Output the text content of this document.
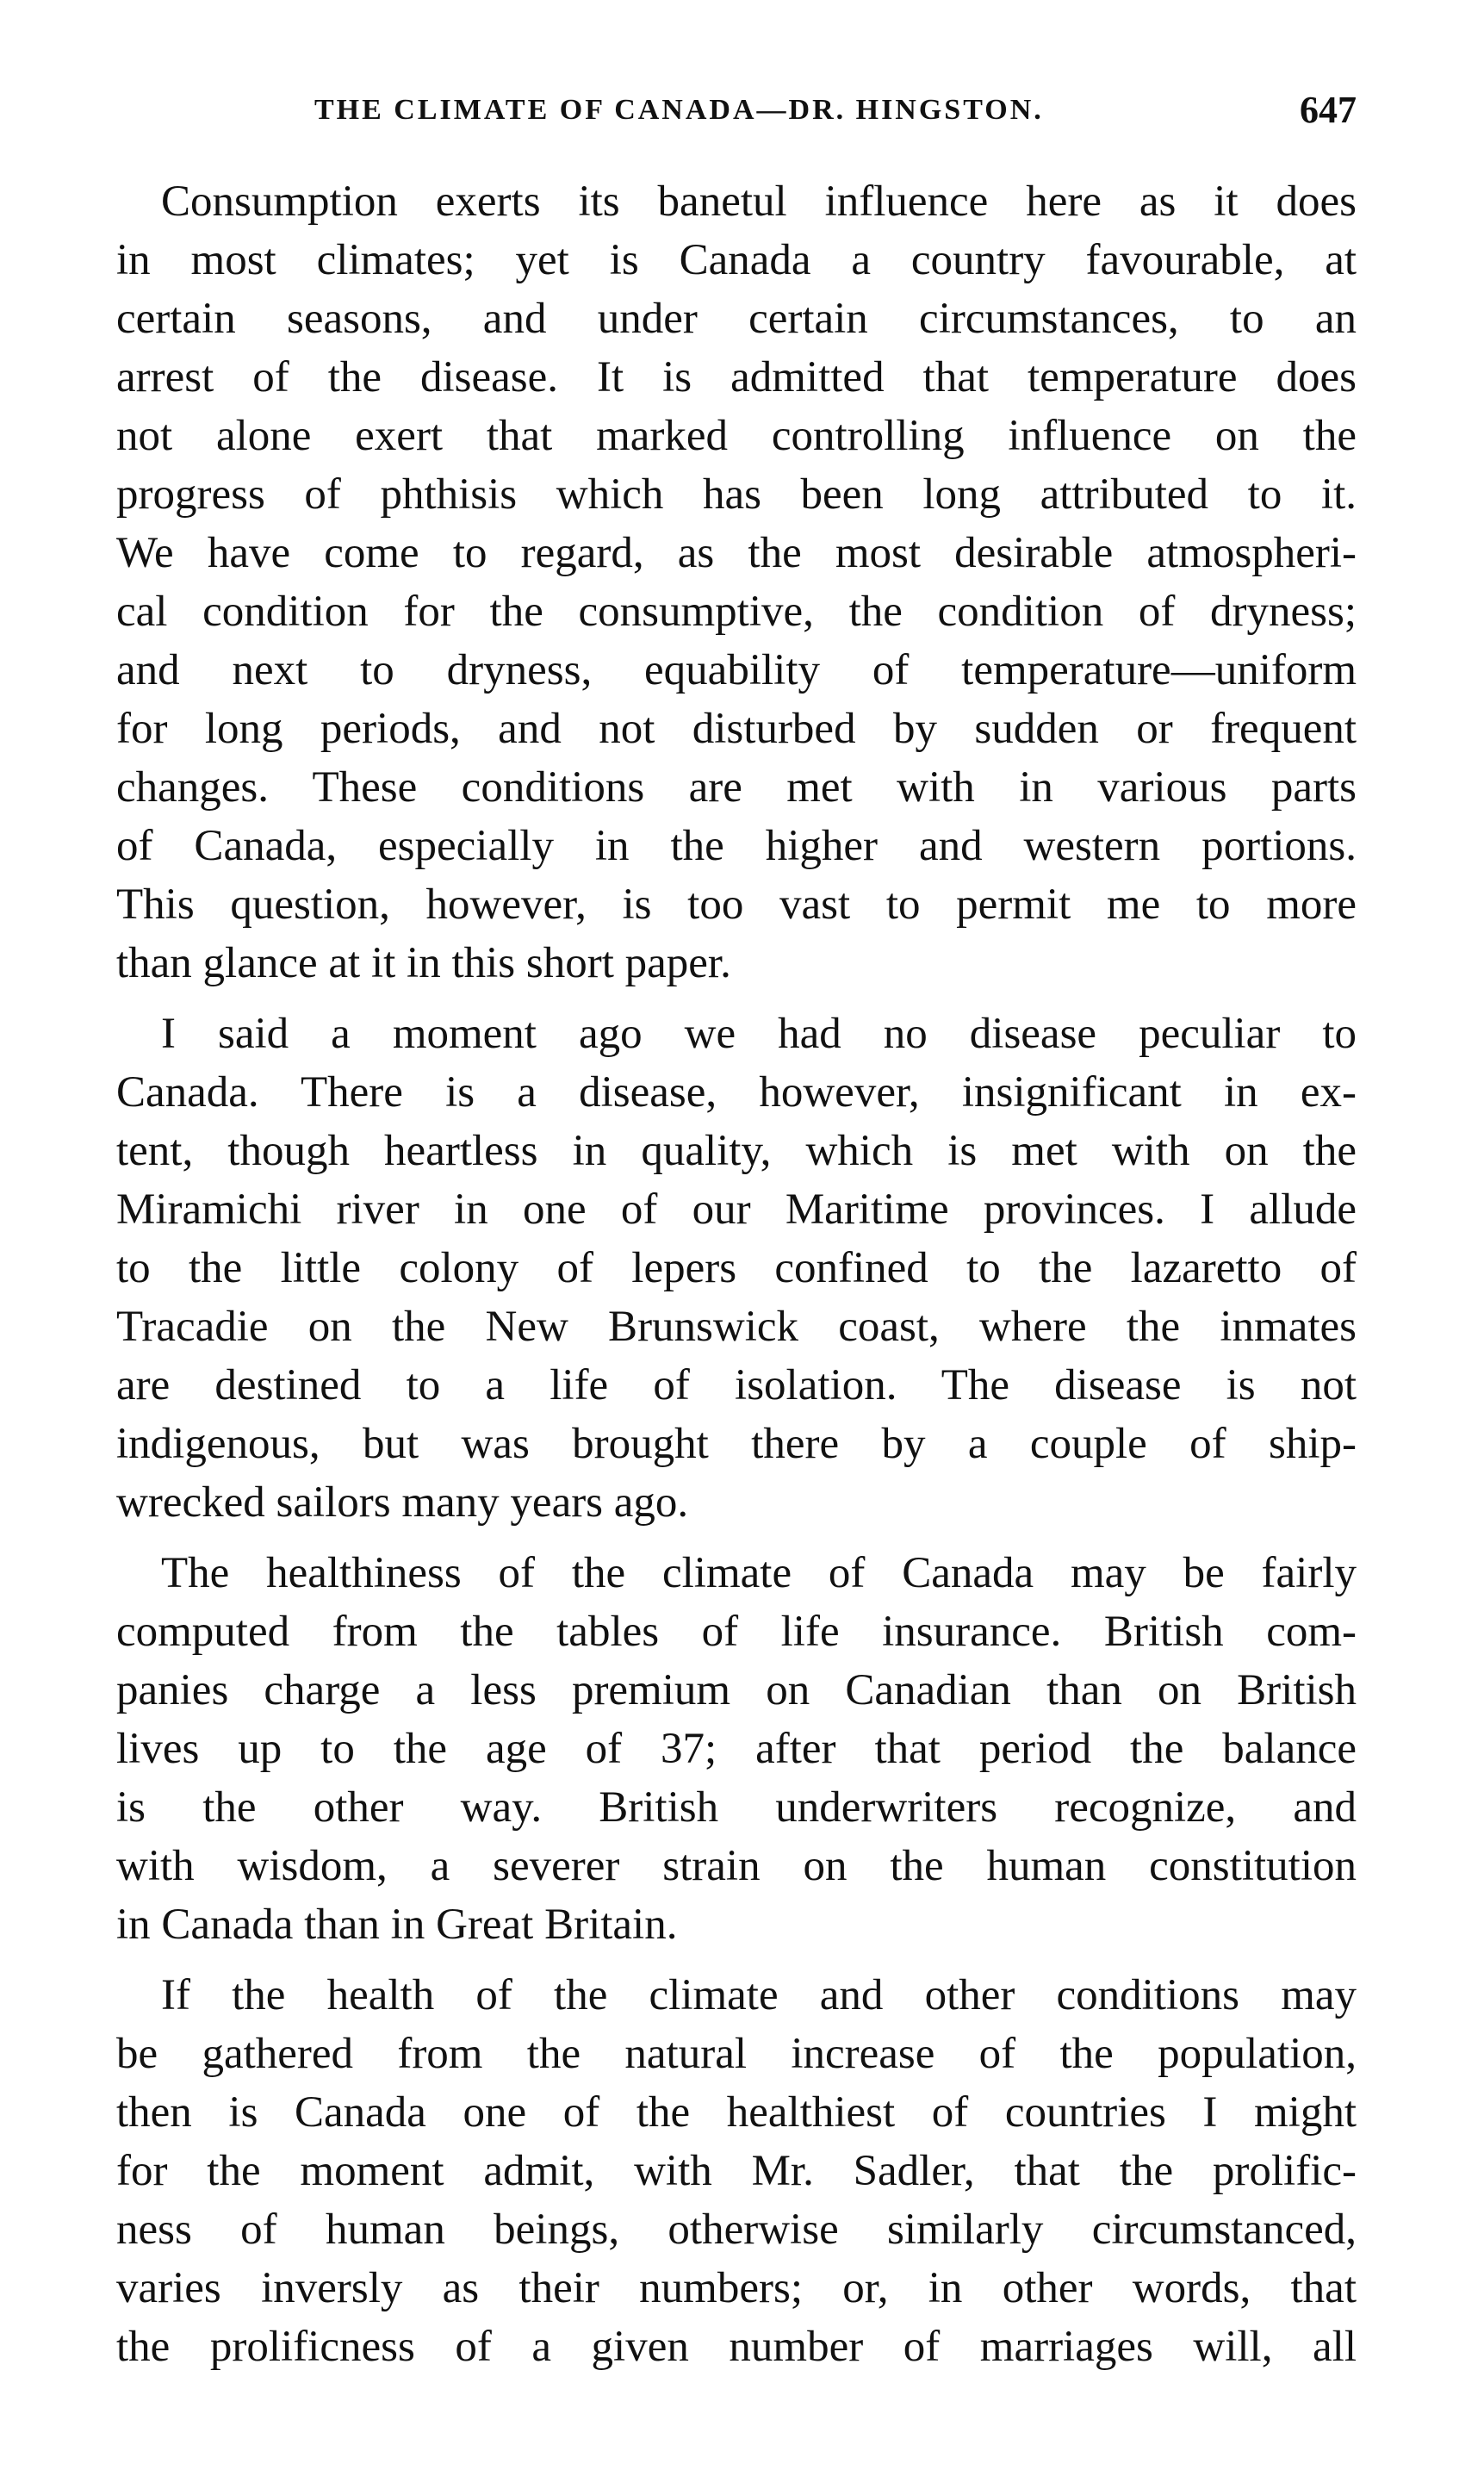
THE CLIMATE OF CANADA—DR. HINGSTON.	647
Consumption exerts its banetul influence here as it does
in most climates; yet is Canada a country favourable, at
certain seasons, and under certain circumstances, to an
arrest of the disease. It is admitted that temperature does
not alone exert that marked controlling influence on the
progress of phthisis which has been long attributed to it.
We have come to regard, as the most desirable atmospheri-
cal condition for the consumptive, the condition of dryness;
and next to dryness, equability of temperature—uniform
for long periods, and not disturbed by sudden or frequent
changes. These conditions are met with in various parts
of Canada, especially in the higher and western portions.
This question, however, is too vast to permit me to more
than glance at it in this short paper.
I said a moment ago we had no disease peculiar to
Canada. There is a disease, however, insignificant in ex-
tent, though heartless in quality, which is met with on the
Miramichi river in one of our Maritime provinces. I allude
to the little colony of lepers confined to the lazaretto of
Tracadie on the New Brunswick coast, where the inmates
are destined to a life of isolation. The disease is not
indigenous, but was brought there by a couple of ship-
wrecked sailors many years ago.
The healthiness of the climate of Canada may be fairly
computed from the tables of life insurance. British com-
panies charge a less premium on Canadian than on British
lives up to the age of 37; after that period the balance
is the other way. British underwriters recognize, and
with wisdom, a severer strain on the human constitution
in Canada than in Great Britain.
If the health of the climate and other conditions may
be gathered from the natural increase of the population,
then is Canada one of the healthiest of countries I might
for the moment admit, with Mr. Sadler, that the prolific-
ness of human beings, otherwise similarly circumstanced,
varies inversly as their numbers; or, in other words, that
the prolificness of a given number of marriages will, all
